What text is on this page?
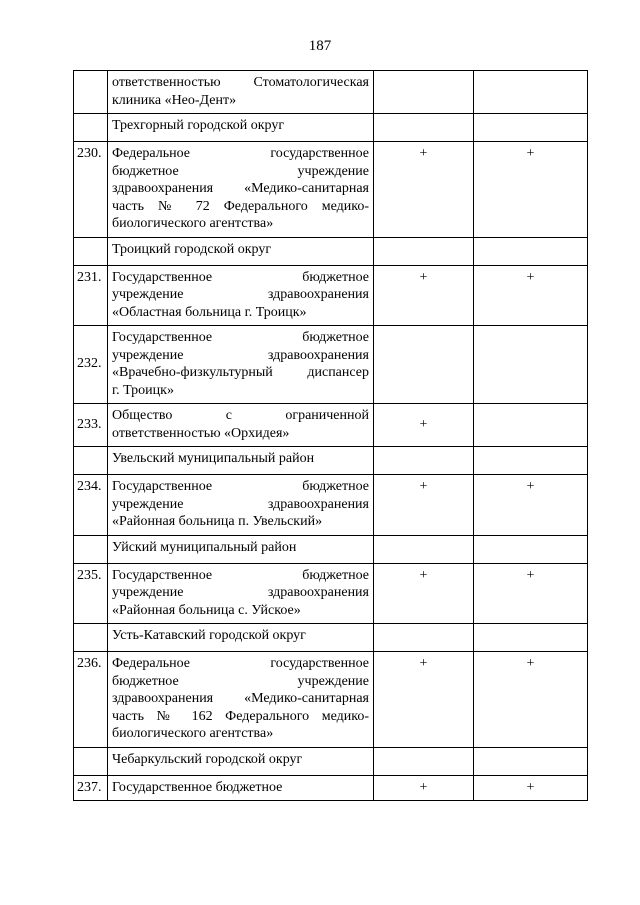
187

	ответственностью Стоматологическая
клиника «Нео-Дент»		

	Трехгорный городской округ		
230.	Федеральное государственное
бюджетное учреждение
здравоохранения «Медико-санитарная
часть № 72 Федерального медико-
биологического агентства»	+	+
	Троицкий городской округ		
231.	Государственное бюджетное
учреждение здравоохранения
«Областная больница г. Троицк»	+	+
232.	Государственное бюджетное
учреждение здравоохранения
«Врачебно-физкультурный диспансер
г. Троицк»		

233.	Общество с ограниченной
ответственностью «Орхидея»	+	
	Увельский муниципальный район		
234.	Государственное бюджетное
учреждение здравоохранения
«Районная больница п. Увельский»	+	+
	Уйский муниципальный район		
235.	Государственное бюджетное
учреждение здравоохранения
«Районная больница с. Уйское»	+	+
	Усть-Катавский городской округ		
236.	Федеральное государственное
бюджетное учреждение
здравоохранения «Медико-санитарная
часть № 162 Федерального медико-
биологического агентства»	+	+
	Чебаркульский городской округ		
237.	Государственное бюджетное	+	+
